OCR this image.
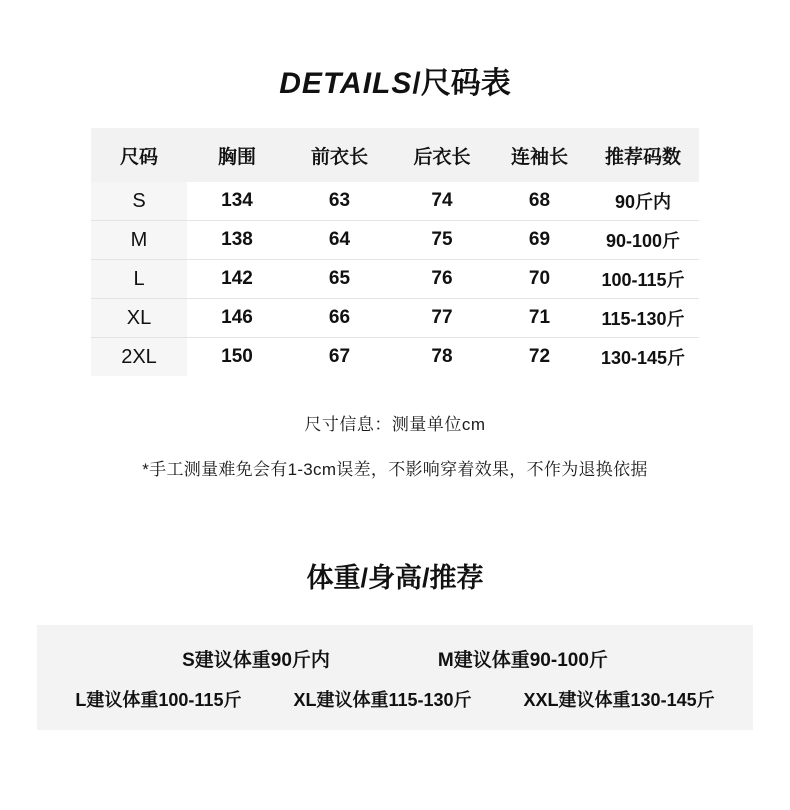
DETAILS/尺码表
尺码	胸围	前衣长	后衣长	连袖长	推荐码数
S	134	63	74	68	90斤内
M	138	64	75	69	90-100斤
L	142	65	76	70	100-115斤
XL	146	66	77	71	115-130斤
2XL	150	67	78	72	130-145斤
尺寸信息：测量单位cm
*手工测量难免会有1-3cm误差，不影响穿着效果，不作为退换依据
体重/身高/推荐
S建议体重90斤内	M建议体重90-100斤
L建议体重100-115斤	XL建议体重115-130斤	XXL建议体重130-145斤
